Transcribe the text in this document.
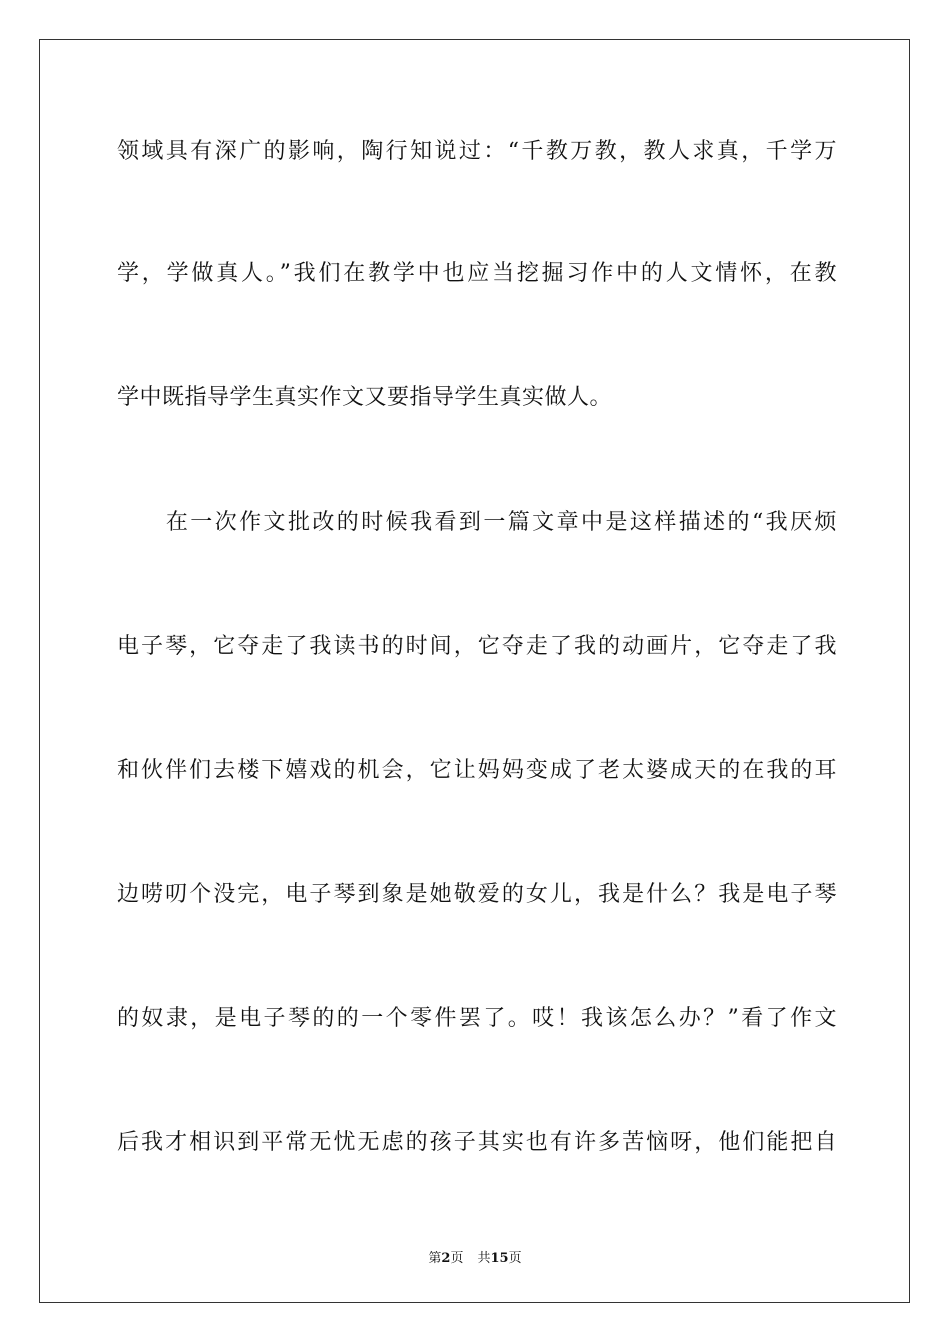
领域具有深广的影响，陶行知说过：“千教万教，教人求真，千学万
学，学做真人。”我们在教学中也应当挖掘习作中的人文情怀，在教
学中既指导学生真实作文又要指导学生真实做人。
　　在一次作文批改的时候我看到一篇文章中是这样描述的“我厌烦
电子琴，它夺走了我读书的时间，它夺走了我的动画片，它夺走了我
和伙伴们去楼下嬉戏的机会，它让妈妈变成了老太婆成天的在我的耳
边唠叨个没完，电子琴到象是她敬爱的女儿，我是什么？我是电子琴
的奴隶，是电子琴的的一个零件罢了。哎！我该怎么办？”看了作文
后我才相识到平常无忧无虑的孩子其实也有许多苦恼呀，他们能把自
第2页 共15页
